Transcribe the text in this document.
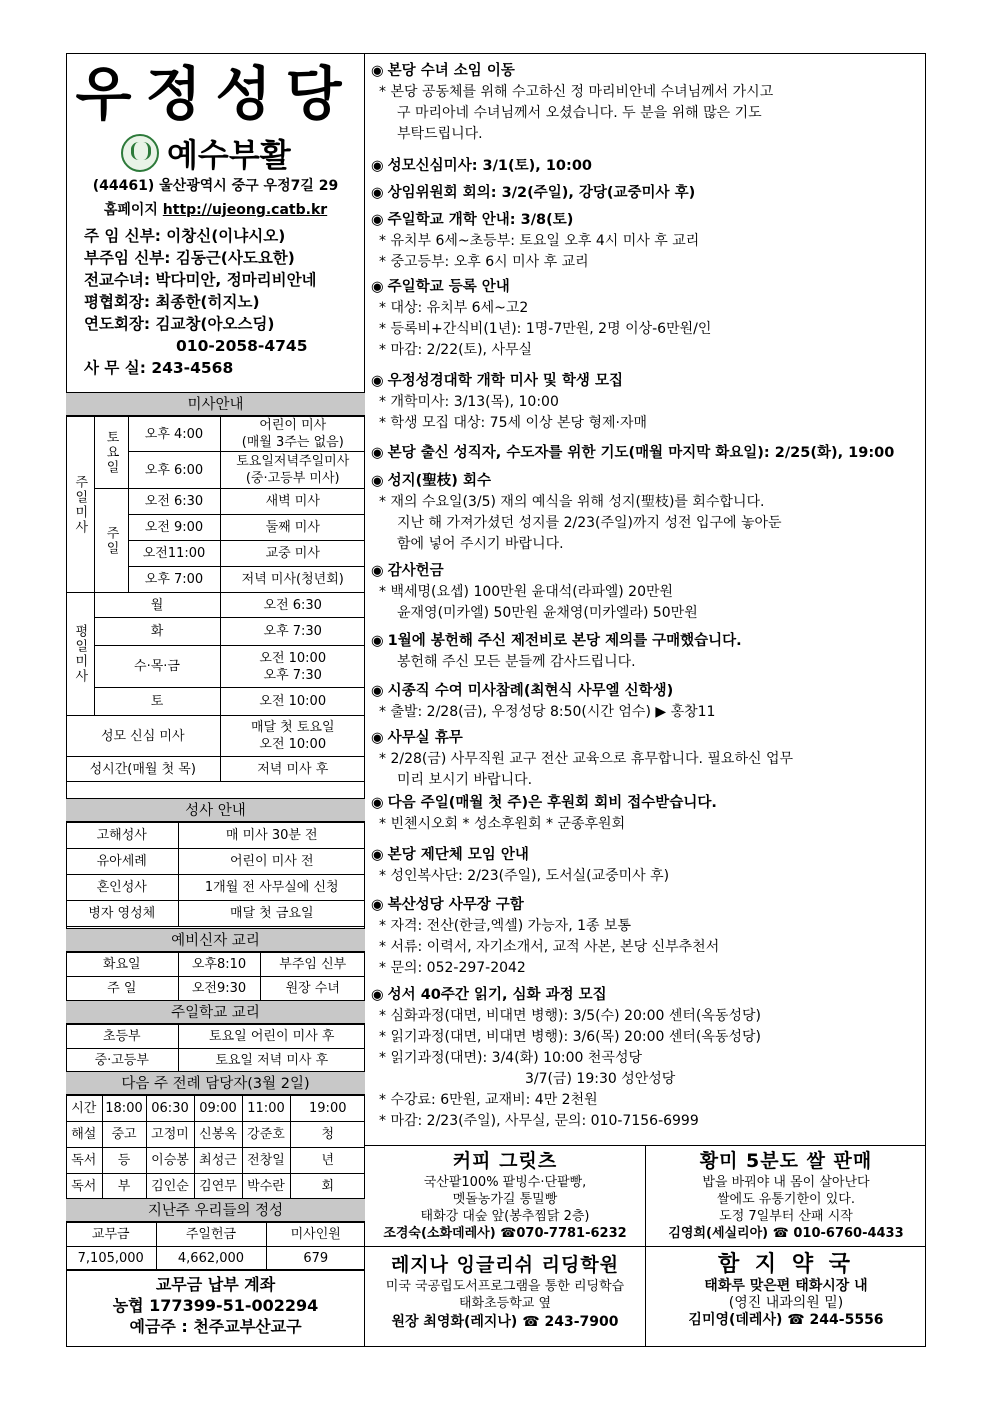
우정성당
예수부활
(44461) 울산광역시 중구 우정7길 29
홈페이지 http://ujeong.catb.kr
주 임 신부: 이창신(이냐시오)
부주임 신부: 김동근(사도요한)
전교수녀: 박다미안, 정마리비안네
평협회장: 최종한(히지노)
연도회장: 김교창(아오스딩)
010-2058-4745
사 무 실: 243-4568
미사안내
주일미사	토요일	오후 4:00	어린이 미사
(매월 3주는 없음)
		오후 6:00	토요일저녁주일미사
(중·고등부 미사)
	주일	오전 6:30	새벽 미사
		오전 9:00	둘째 미사
		오전11:00	교중 미사
		오후 7:00	저녁 미사(청년회)
평일미사	월		오전 6:30
	화		오후 7:30
	수·목·금		오전 10:00
오후 7:30
	토		오전 10:00
성모 신심 미사			매달 첫 토요일
오전 10:00
성시간(매월 첫 목)			저녁 미사 후
성사 안내
고해성사	매 미사 30분 전
유아세례	어린이 미사 전
혼인성사	1개월 전 사무실에 신청
병자 영성체	매달 첫 금요일
예비신자 교리
화요일	오후8:10	부주임 신부
주 일	오전9:30	원장 수녀
주일학교 교리
초등부	토요일 어린이 미사 후
중·고등부	토요일 저녁 미사 후
다음 주 전례 담당자(3월 2일)
시간	18:00	06:30	09:00	11:00	19:00
해설	중고	고정미	신봉옥	강준호	청
독서	등	이승봉	최성근	전창일	년
독서	부	김인순	김연무	박수란	회
지난주 우리들의 정성
교무금	주일헌금	미사인원
7,105,000	4,662,000	679
교무금 납부 계좌
농협 177399-51-002294
예금주 : 천주교부산교구
◉ 본당 수녀 소임 이동
* 본당 공동체를 위해 수고하신 정 마리비안네 수녀님께서 가시고
구 마리아네 수녀님께서 오셨습니다. 두 분을 위해 많은 기도
부탁드립니다.
◉ 성모신심미사: 3/1(토), 10:00
◉ 상임위원회 회의: 3/2(주일), 강당(교중미사 후)
◉ 주일학교 개학 안내: 3/8(토)
* 유치부 6세~초등부: 토요일 오후 4시 미사 후 교리
* 중고등부: 오후 6시 미사 후 교리
◉ 주일학교 등록 안내
* 대상: 유치부 6세~고2
* 등록비+간식비(1년): 1명-7만원, 2명 이상-6만원/인
* 마감: 2/22(토), 사무실
◉ 우정성경대학 개학 미사 및 학생 모집
* 개학미사: 3/13(목), 10:00
* 학생 모집 대상: 75세 이상 본당 형제·자매
◉ 본당 출신 성직자, 수도자를 위한 기도(매월 마지막 화요일): 2/25(화), 19:00
◉ 성지(聖枝) 회수
* 재의 수요일(3/5) 재의 예식을 위해 성지(聖枝)를 회수합니다.
지난 해 가져가셨던 성지를 2/23(주일)까지 성전 입구에 놓아둔
함에 넣어 주시기 바랍니다.
◉ 감사헌금
* 백세명(요셉) 100만원 윤대석(라파엘) 20만원
윤재영(미카엘) 50만원 윤채영(미카엘라) 50만원
◉ 1월에 봉헌해 주신 제전비로 본당 제의를 구매했습니다.
봉헌해 주신 모든 분들께 감사드립니다.
◉ 시종직 수여 미사참례(최현식 사무엘 신학생)
* 출발: 2/28(금), 우정성당 8:50(시간 엄수) ▶ 홍창11
◉ 사무실 휴무
* 2/28(금) 사무직원 교구 전산 교육으로 휴무합니다. 필요하신 업무
미리 보시기 바랍니다.
◉ 다음 주일(매월 첫 주)은 후원회 회비 접수받습니다.
* 빈첸시오회 * 성소후원회 * 군종후원회
◉ 본당 제단체 모임 안내
* 성인복사단: 2/23(주일), 도서실(교중미사 후)
◉ 복산성당 사무장 구함
* 자격: 전산(한글,엑셀) 가능자, 1종 보통
* 서류: 이력서, 자기소개서, 교적 사본, 본당 신부추천서
* 문의: 052-297-2042
◉ 성서 40주간 읽기, 심화 과정 모집
* 심화과정(대면, 비대면 병행): 3/5(수) 20:00 센터(옥동성당)
* 읽기과정(대면, 비대면 병행): 3/6(목) 20:00 센터(옥동성당)
* 읽기과정(대면): 3/4(화) 10:00 천곡성당
3/7(금) 19:30 성안성당
* 수강료: 6만원, 교재비: 4만 2천원
* 마감: 2/23(주일), 사무실, 문의: 010-7156-6999
커피 그릿츠
국산팥100% 팥빙수·단팥빵,
멧돌농가길 통밀빵
태화강 대숲 앞(봉추찜닭 2층)
조경숙(소화데레사) ☎070-7781-6232
황미 5분도 쌀 판매
밥을 바꿔야 내 몸이 살아난다
쌀에도 유통기한이 있다.
도정 7일부터 산패 시작
김영희(세실리아) ☎ 010-6760-4433
레지나 잉글리쉬 리딩학원
미국 국공립도서프로그램을 통한 리딩학습
태화초등학교 옆
원장 최영화(레지나) ☎ 243-7900
함 지 약 국
태화루 맞은편 태화시장 내
(영진 내과의원 밑)
김미영(데레사) ☎ 244-5556
